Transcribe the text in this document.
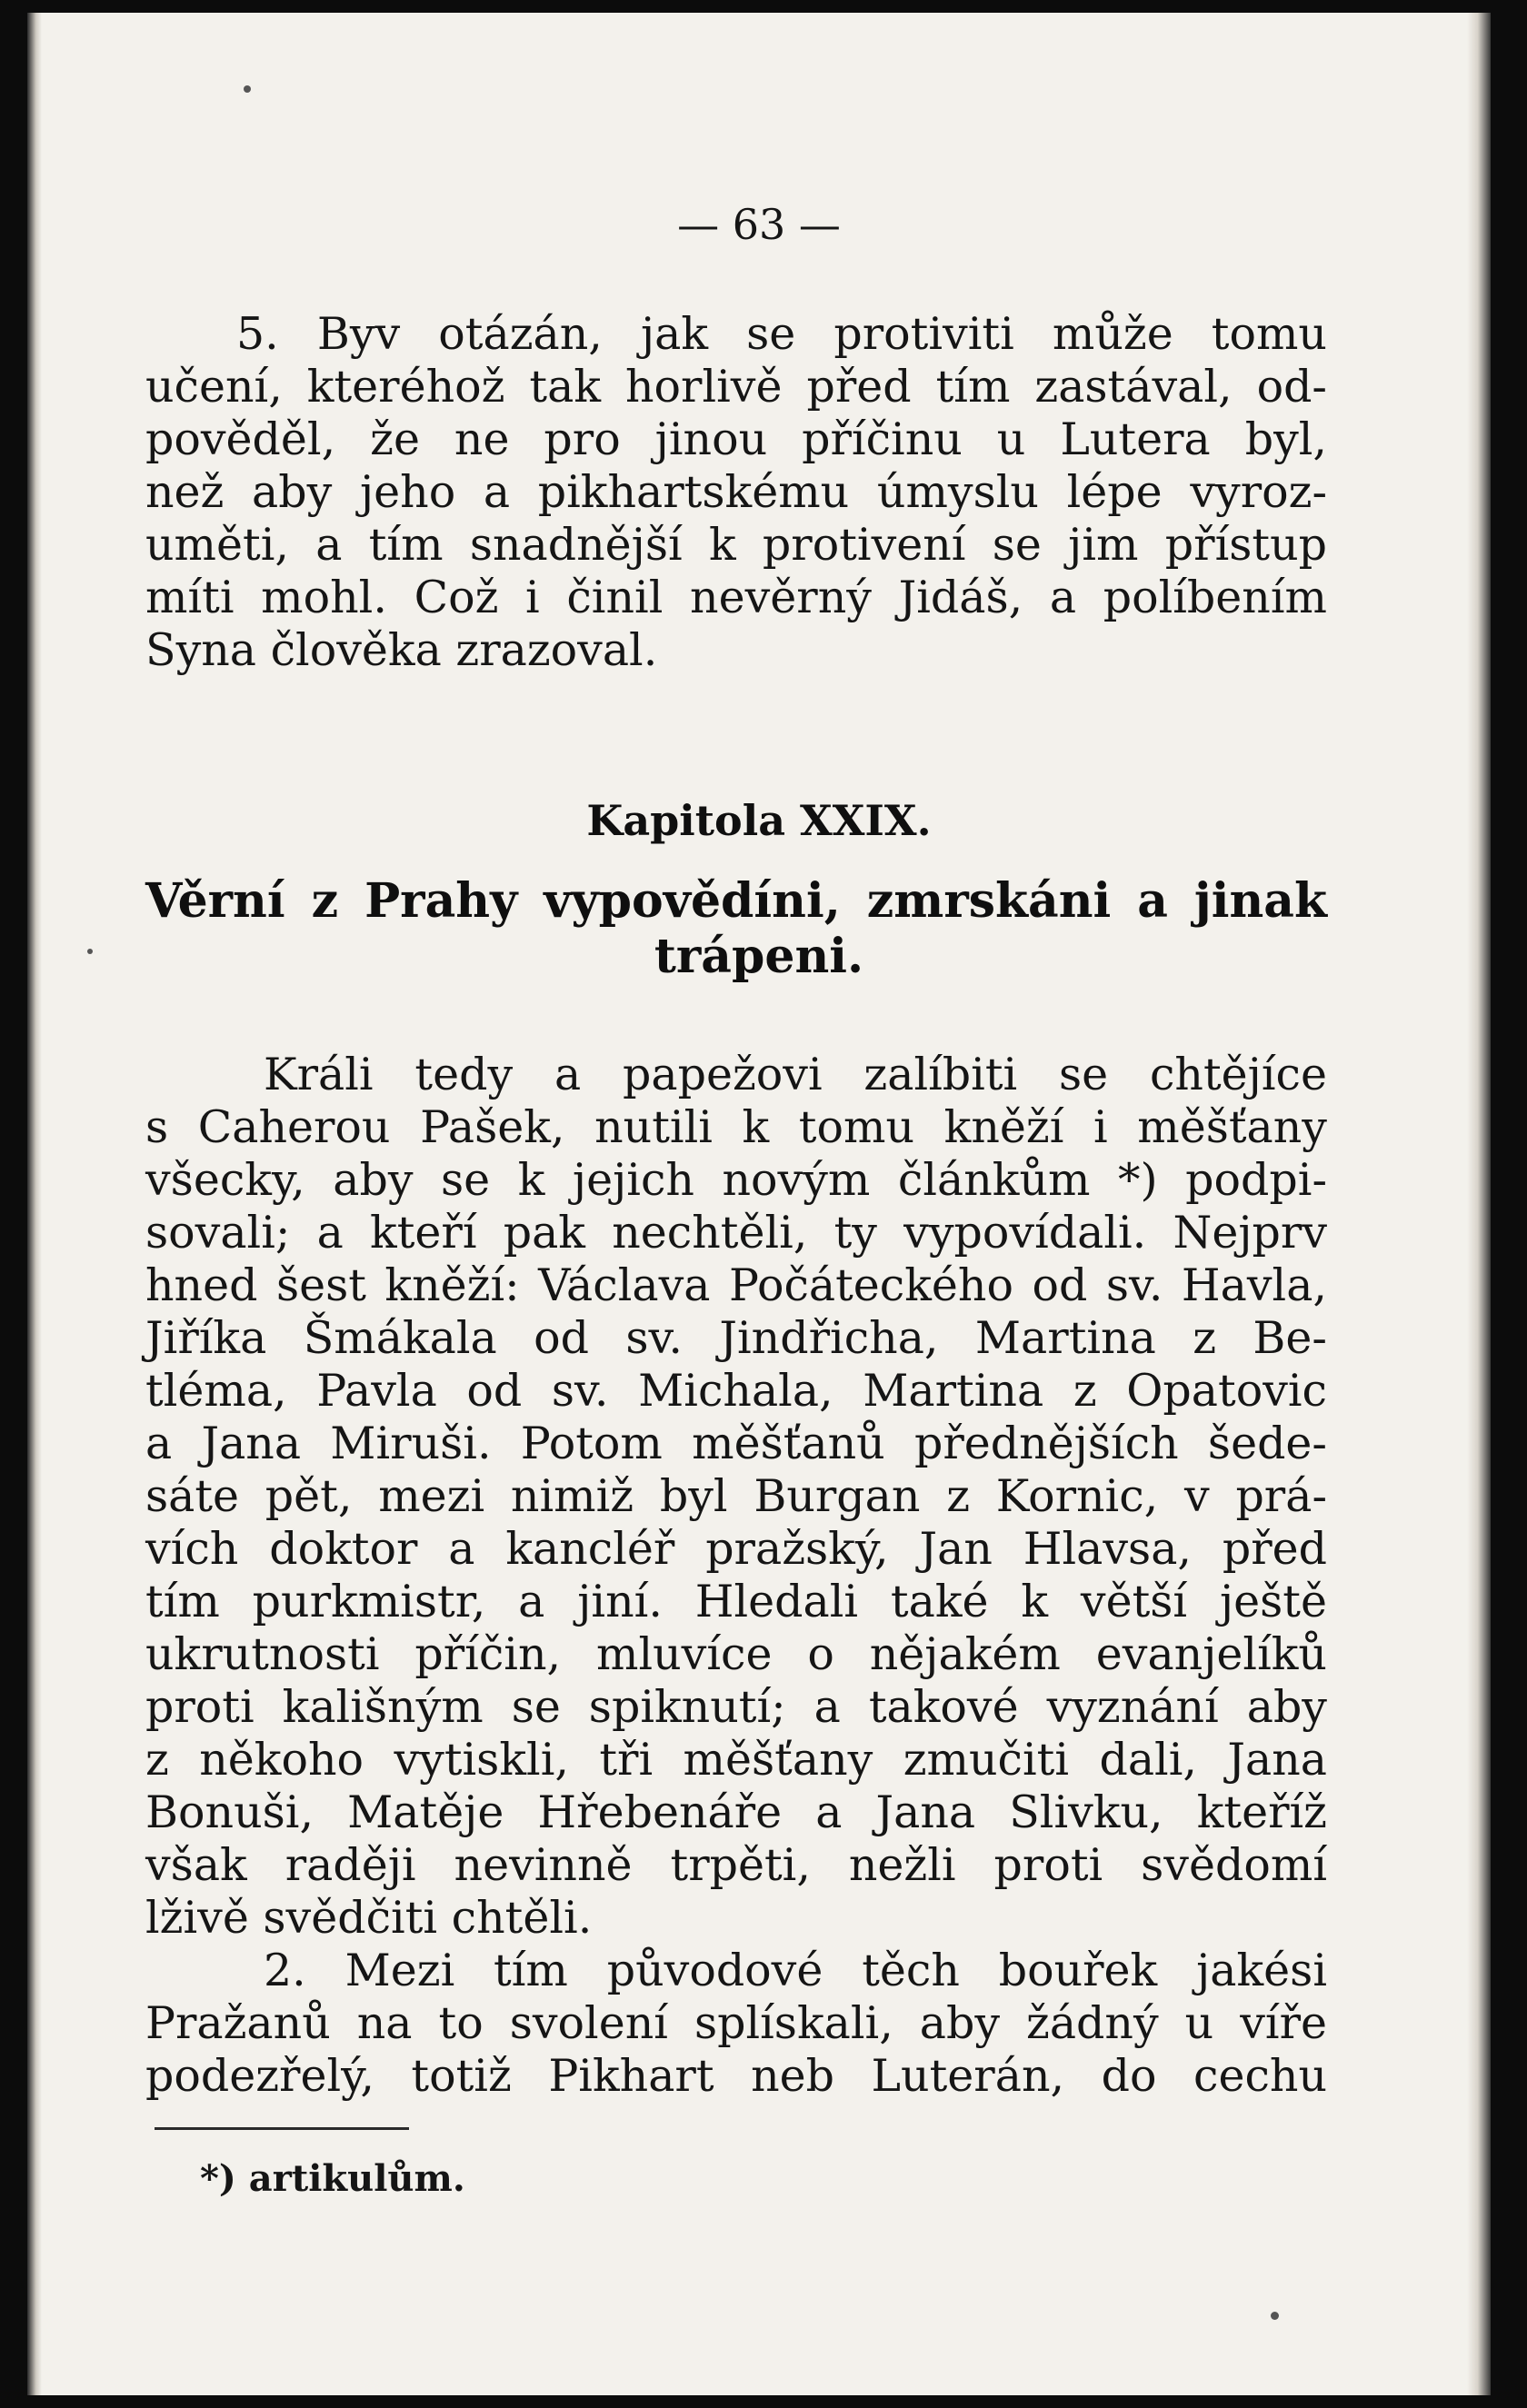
— 63 —
5. Byv otázán, jak se protiviti může tomu
učení, kteréhož tak horlivě před tím zastával, od-
pověděl, že ne pro jinou příčinu u Lutera byl,
než aby jeho a pikhartskému úmyslu lépe vyroz-
uměti, a tím snadnější k protivení se jim přístup
míti mohl. Což i činil nevěrný Jidáš, a políbením
Syna člověka zrazoval.
Kapitola XXIX.
Věrní z Prahy vypovědíni, zmrskáni a jinak
trápeni.
Králi tedy a papežovi zalíbiti se chtějíce
s Caherou Pašek, nutili k tomu kněží i měšťany
všecky, aby se k jejich novým článkům *) podpi-
sovali; a kteří pak nechtěli, ty vypovídali. Nejprv
hned šest kněží: Václava Počáteckého od sv. Havla,
Jiříka Šmákala od sv. Jindřicha, Martina z Be-
tléma, Pavla od sv. Michala, Martina z Opatovic
a Jana Miruši. Potom měšťanů přednějších šede-
sáte pět, mezi nimiž byl Burgan z Kornic, v prá-
vích doktor a kancléř pražský, Jan Hlavsa, před
tím purkmistr, a jiní. Hledali také k větší ještě
ukrutnosti příčin, mluvíce o nějakém evanjelíků
proti kališným se spiknutí; a takové vyznání aby
z někoho vytiskli, tři měšťany zmučiti dali, Jana
Bonuši, Matěje Hřebenáře a Jana Slivku, kteříž
však raději nevinně trpěti, nežli proti svědomí
lživě svědčiti chtěli.
2. Mezi tím původové těch bouřek jakési
Pražanů na to svolení splískali, aby žádný u víře
podezřelý, totiž Pikhart neb Luterán, do cechu
*) artikulům.
